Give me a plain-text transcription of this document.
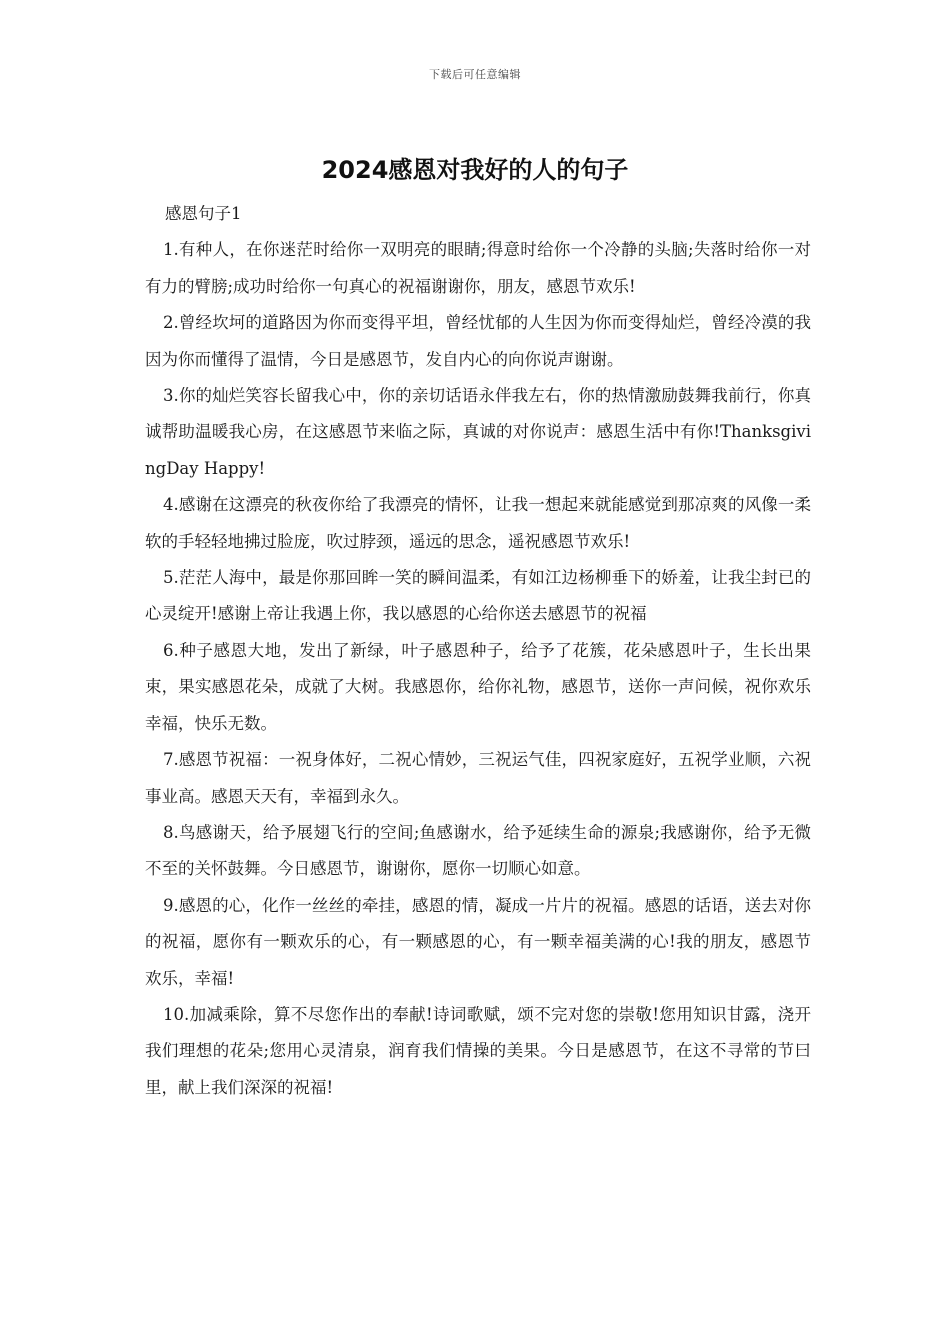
下载后可任意编辑
2024感恩对我好的人的句子

感恩句子1

1.有种人，在你迷茫时给你一双明亮的眼睛;得意时给你一个冷静的头脑;失落时给你一对有力的臂膀;成功时给你一句真心的祝福谢谢你，朋友，感恩节欢乐!

2.曾经坎坷的道路因为你而变得平坦，曾经忧郁的人生因为你而变得灿烂，曾经冷漠的我因为你而懂得了温情，今日是感恩节，发自内心的向你说声谢谢。

3.你的灿烂笑容长留我心中，你的亲切话语永伴我左右，你的热情激励鼓舞我前行，你真诚帮助温暖我心房，在这感恩节来临之际，真诚的对你说声：感恩生活中有你!ThanksgivingDay Happy!

4.感谢在这漂亮的秋夜你给了我漂亮的情怀，让我一想起来就能感觉到那凉爽的风像一柔软的手轻轻地拂过脸庞，吹过脖颈，遥远的思念，遥祝感恩节欢乐!

5.茫茫人海中，最是你那回眸一笑的瞬间温柔，有如江边杨柳垂下的娇羞，让我尘封已的心灵绽开!感谢上帝让我遇上你，我以感恩的心给你送去感恩节的祝福

6.种子感恩大地，发出了新绿，叶子感恩种子，给予了花簇，花朵感恩叶子，生长出果束，果实感恩花朵，成就了大树。我感恩你，给你礼物，感恩节，送你一声问候，祝你欢乐幸福，快乐无数。

7.感恩节祝福：一祝身体好，二祝心情妙，三祝运气佳，四祝家庭好，五祝学业顺，六祝事业高。感恩天天有，幸福到永久。

8.鸟感谢天，给予展翅飞行的空间;鱼感谢水，给予延续生命的源泉;我感谢你，给予无微不至的关怀鼓舞。今日感恩节，谢谢你，愿你一切顺心如意。

9.感恩的心，化作一丝丝的牵挂，感恩的情，凝成一片片的祝福。感恩的话语，送去对你的祝福，愿你有一颗欢乐的心，有一颗感恩的心，有一颗幸福美满的心!我的朋友，感恩节欢乐，幸福!

10.加减乘除，算不尽您作出的奉献!诗词歌赋，颂不完对您的崇敬!您用知识甘露，浇开我们理想的花朵;您用心灵清泉，润育我们情操的美果。今日是感恩节，在这不寻常的节曰里，献上我们深深的祝福!
